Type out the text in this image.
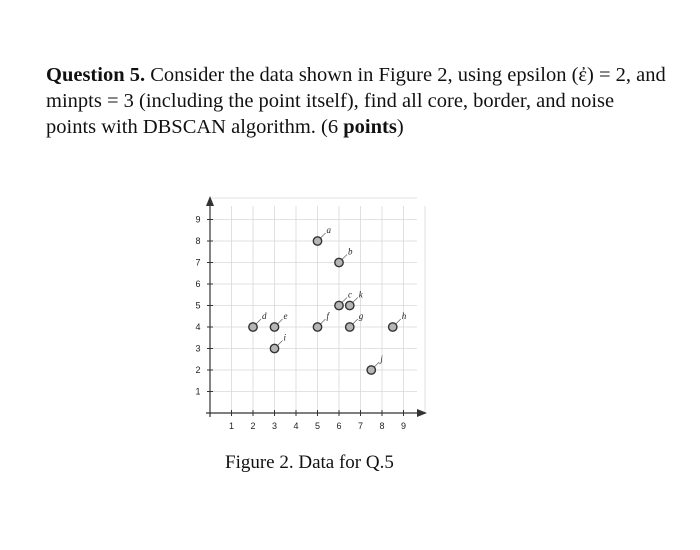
Question 5. Consider the data shown in Figure 2, using epsilon (ἐ) = 2, and minpts = 3 (including the point itself), find all core, border, and noise points with DBSCAN algorithm. (6 points)
1 2 3 4 5 6 7 8 9
1
2
3
4
5
6
7
8
9
a
b
c k
d e	f	g	h
i
j
Figure 2. Data for Q.5
